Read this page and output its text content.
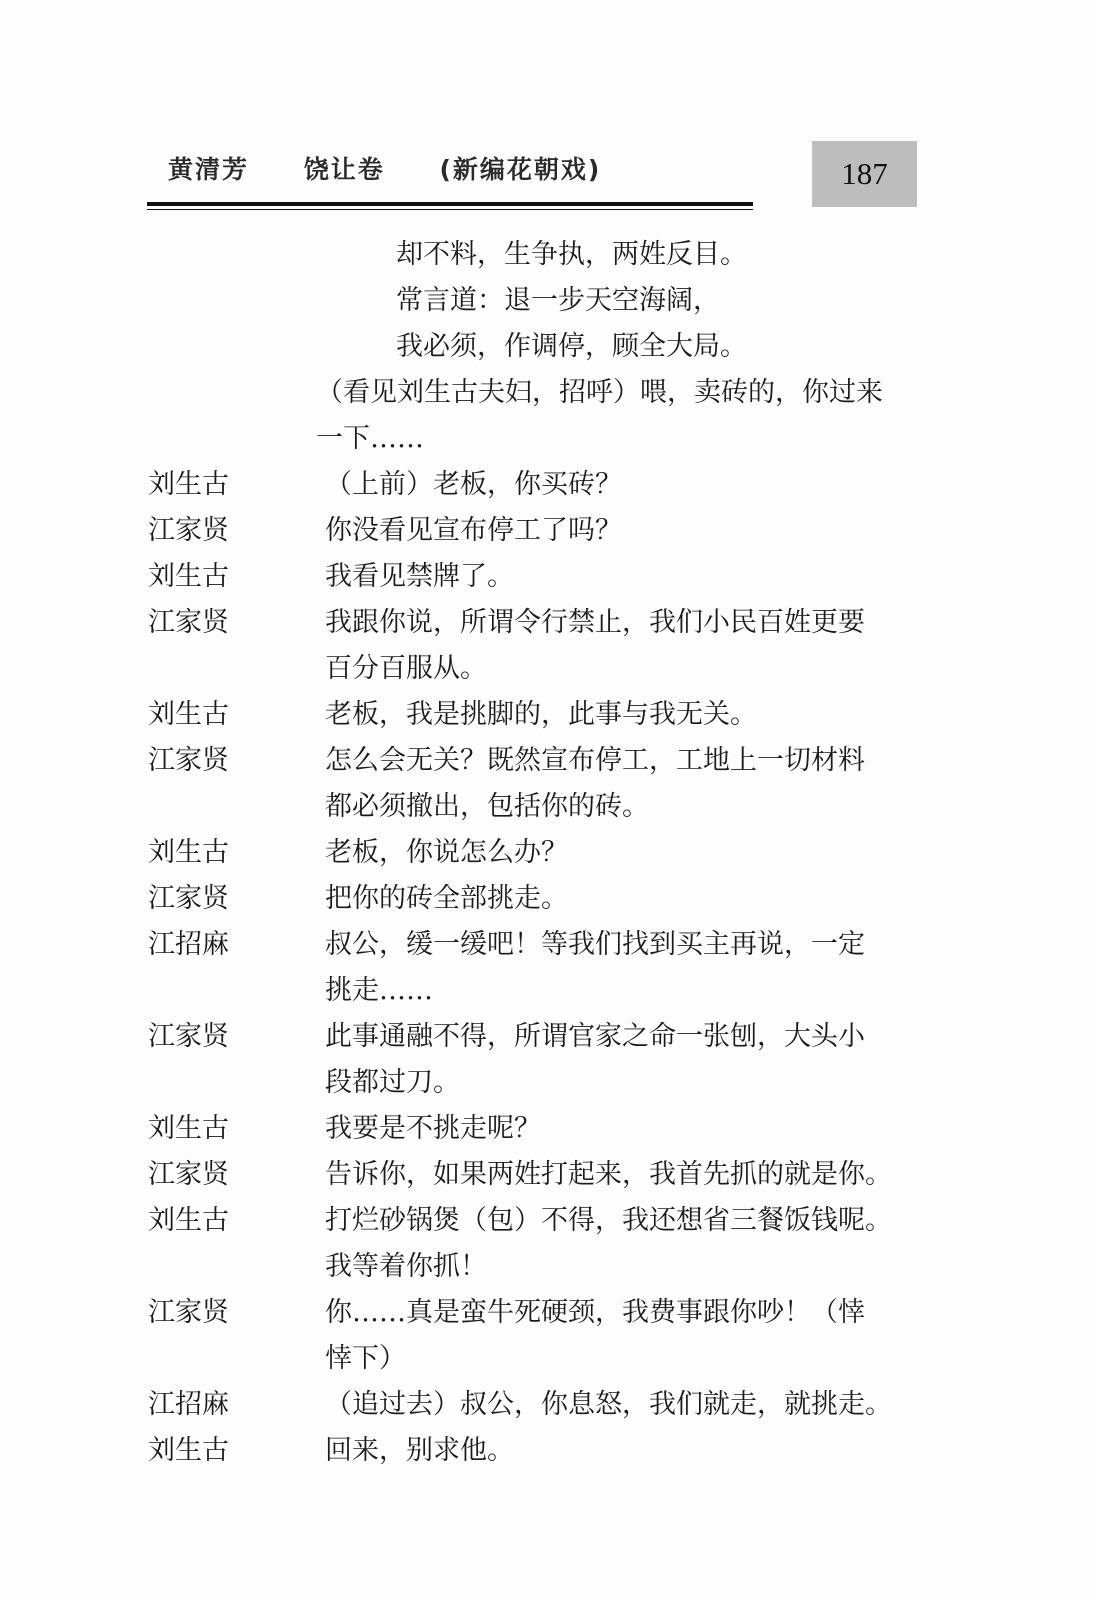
黄清芳 饶让卷 (新编花朝戏)	187
却不料，生争执，两姓反目。
常言道：退一步天空海阔，
我必须，作调停，顾全大局。
（看见刘生古夫妇，招呼）喂，卖砖的，你过来
一下……
刘生古	（上前）老板，你买砖？
江家贤	你没看见宣布停工了吗？
刘生古	我看见禁牌了。
江家贤	我跟你说，所谓令行禁止，我们小民百姓更要
百分百服从。
刘生古	老板，我是挑脚的，此事与我无关。
江家贤	怎么会无关？既然宣布停工，工地上一切材料
都必须撤出，包括你的砖。
刘生古	老板，你说怎么办？
江家贤	把你的砖全部挑走。
江招麻	叔公，缓一缓吧！等我们找到买主再说，一定
挑走……
江家贤	此事通融不得，所谓官家之命一张刨，大头小
段都过刀。
刘生古	我要是不挑走呢？
江家贤	告诉你，如果两姓打起来，我首先抓的就是你。
刘生古	打烂砂锅煲（包）不得，我还想省三餐饭钱呢。
我等着你抓！
江家贤	你……真是蛮牛死硬颈，我费事跟你吵！（悻
悻下）
江招麻	（追过去）叔公，你息怒，我们就走，就挑走。
刘生古	回来，别求他。
